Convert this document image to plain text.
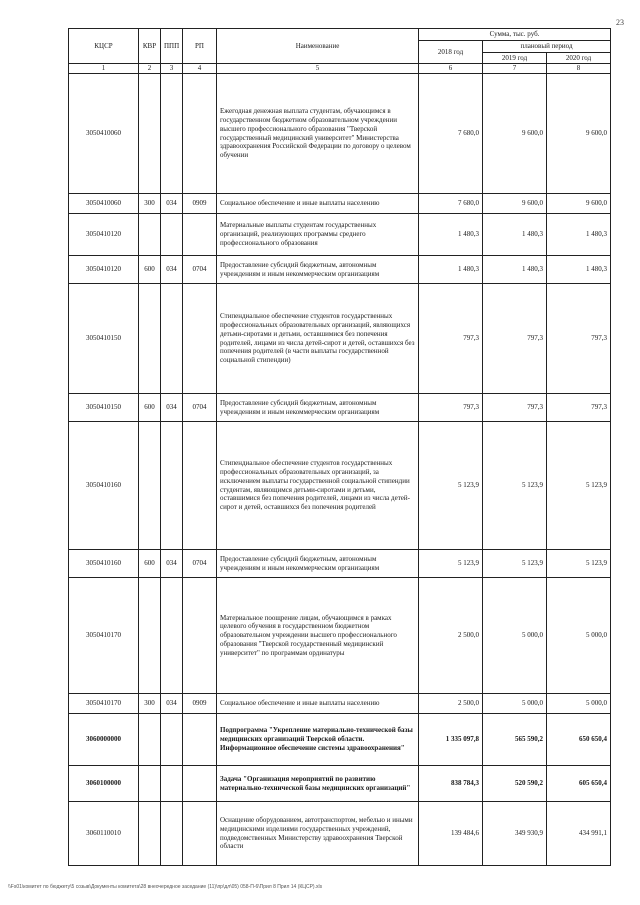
23
КЦСР	КВР	ППП	РП	Наименование	Сумма, тыс. руб.		
					2018 год	плановый период	
						2019 год	2020 год
1	2	3	4	5	6	7	8
3050410060				Ежегодная денежная выплата студентам, обучающимся в государственном бюджетном образовательном учреждении высшего профессионального образования "Тверской государственный медицинский университет" Министерства здравоохранения Российской Федерации по договору о целевом обучении	7 680,0	9 600,0	9 600,0
3050410060	300	034	0909	Социальное обеспечение и иные выплаты населению	7 680,0	9 600,0	9 600,0
3050410120				Материальные выплаты студентам государственных организаций, реализующих программы среднего профессионального образования	1 480,3	1 480,3	1 480,3
3050410120	600	034	0704	Предоставление субсидий бюджетным, автономным учреждениям и иным некоммерческим организациям	1 480,3	1 480,3	1 480,3
3050410150				Стипендиальное обеспечение студентов государственных профессиональных образовательных организаций, являющихся детьми-сиротами и детьми, оставшимися без попечения родителей, лицами из числа детей-сирот и детей, оставшихся без попечения родителей (в части выплаты государственной социальной стипендии)	797,3	797,3	797,3
3050410150	600	034	0704	Предоставление субсидий бюджетным, автономным учреждениям и иным некоммерческим организациям	797,3	797,3	797,3
3050410160				Стипендиальное обеспечение студентов государственных профессиональных образовательных организаций, за исключением выплаты государственной социальной стипендии студентам, являющимся детьми-сиротами и детьми, оставшимися без попечения родителей, лицами из числа детей-сирот и детей, оставшихся без попечения родителей	5 123,9	5 123,9	5 123,9
3050410160	600	034	0704	Предоставление субсидий бюджетным, автономным учреждениям и иным некоммерческим организациям	5 123,9	5 123,9	5 123,9
3050410170				Материальное поощрение лицам, обучающимся в рамках целевого обучения в государственном бюджетном образовательном учреждении высшего профессионального образования "Тверской государственный медицинский университет" по программам ординатуры	2 500,0	5 000,0	5 000,0
3050410170	300	034	0909	Социальное обеспечение и иные выплаты населению	2 500,0	5 000,0	5 000,0
3060000000				Подпрограмма "Укрепление материально-технической базы медицинских организаций Тверской области. Информационное обеспечение системы здравоохранения"	1 335 097,8	565 590,2	650 650,4
3060100000				Задача "Организация мероприятий по развитию материально-технической базы медицинских организаций"	838 784,3	520 590,2	605 650,4
3060110010				Оснащение оборудованием, автотранспортом, мебелью и иными медицинскими изделиями государственных учреждений, подведомственных Министерству здравоохранения Тверской области	139 484,6	349 930,9	434 991,1
\\Fs01\комитет по бюджету\5 созыв\Документы комитета\28 внеочередное заседание (11)\пр\дл\05) 058-П-6\Прил 8 Прил 14 (КЦСР).xls
